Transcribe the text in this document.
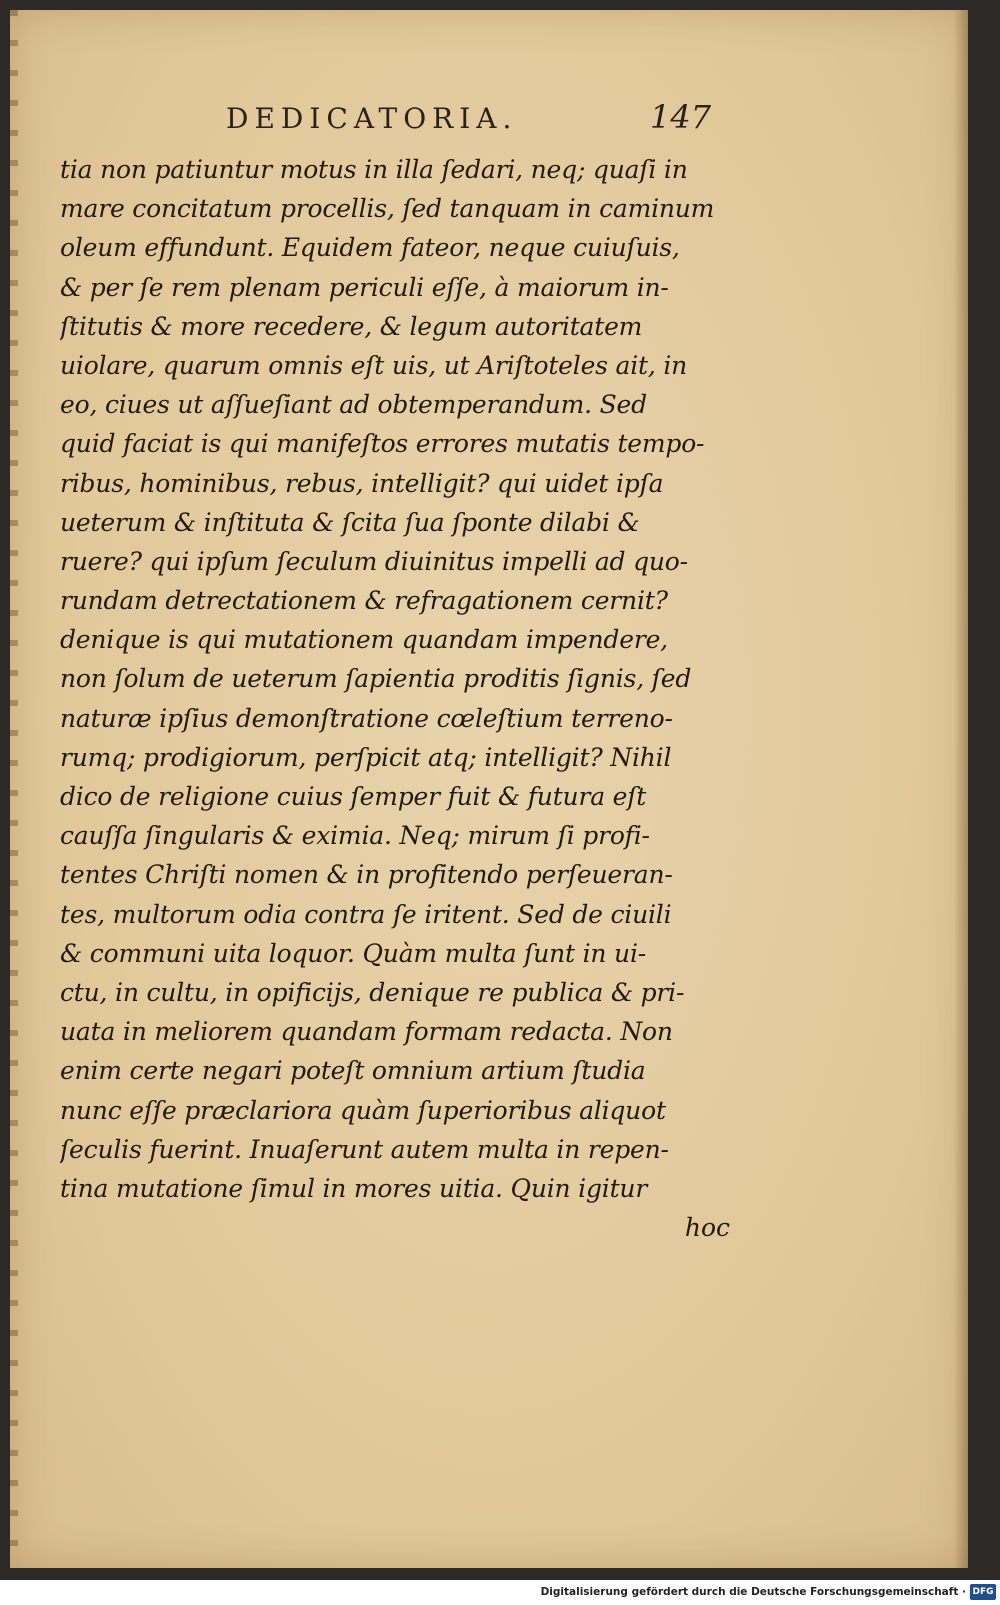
DEDICATORIA.	147
tia non patiuntur motus in illa ſedari, neq; quaſi in
mare concitatum procellis, ſed tanquam in caminum
oleum effundunt. Equidem fateor, neque cuiuſuis,
& per ſe rem plenam periculi eſſe, à maiorum in-
ſtitutis & more recedere, & legum autoritatem
uiolare, quarum omnis eſt uis, ut Ariſtoteles ait, in
eo, ciues ut aſſueſiant ad obtemperandum. Sed
quid faciat is qui manifeſtos errores mutatis tempo-
ribus, hominibus, rebus, intelligit? qui uidet ipſa
ueterum & inſtituta & ſcita ſua ſponte dilabi &
ruere? qui ipſum ſeculum diuinitus impelli ad quo-
rundam detrectationem & refragationem cernit?
denique is qui mutationem quandam impendere,
non ſolum de ueterum ſapientia proditis ſignis, ſed
naturæ ipſius demonſtratione cœleſtium terreno-
rumq; prodigiorum, perſpicit atq; intelligit? Nihil
dico de religione cuius ſemper fuit & futura eſt
cauſſa ſingularis & eximia. Neq; mirum ſi profi-
tentes Chriſti nomen & in profitendo perſeueran-
tes, multorum odia contra ſe iritent. Sed de ciuili
& communi uita loquor. Quàm multa ſunt in ui-
ctu, in cultu, in opificijs, denique re publica & pri-
uata in meliorem quandam formam redacta. Non
enim certe negari poteſt omnium artium ſtudia
nunc eſſe præclariora quàm ſuperioribus aliquot
ſeculis fuerint. Inuaſerunt autem multa in repen-
tina mutatione ſimul in mores uitia. Quin igitur
hoc
Digitalisierung gefördert durch die Deutsche Forschungsgemeinschaft · DFG
